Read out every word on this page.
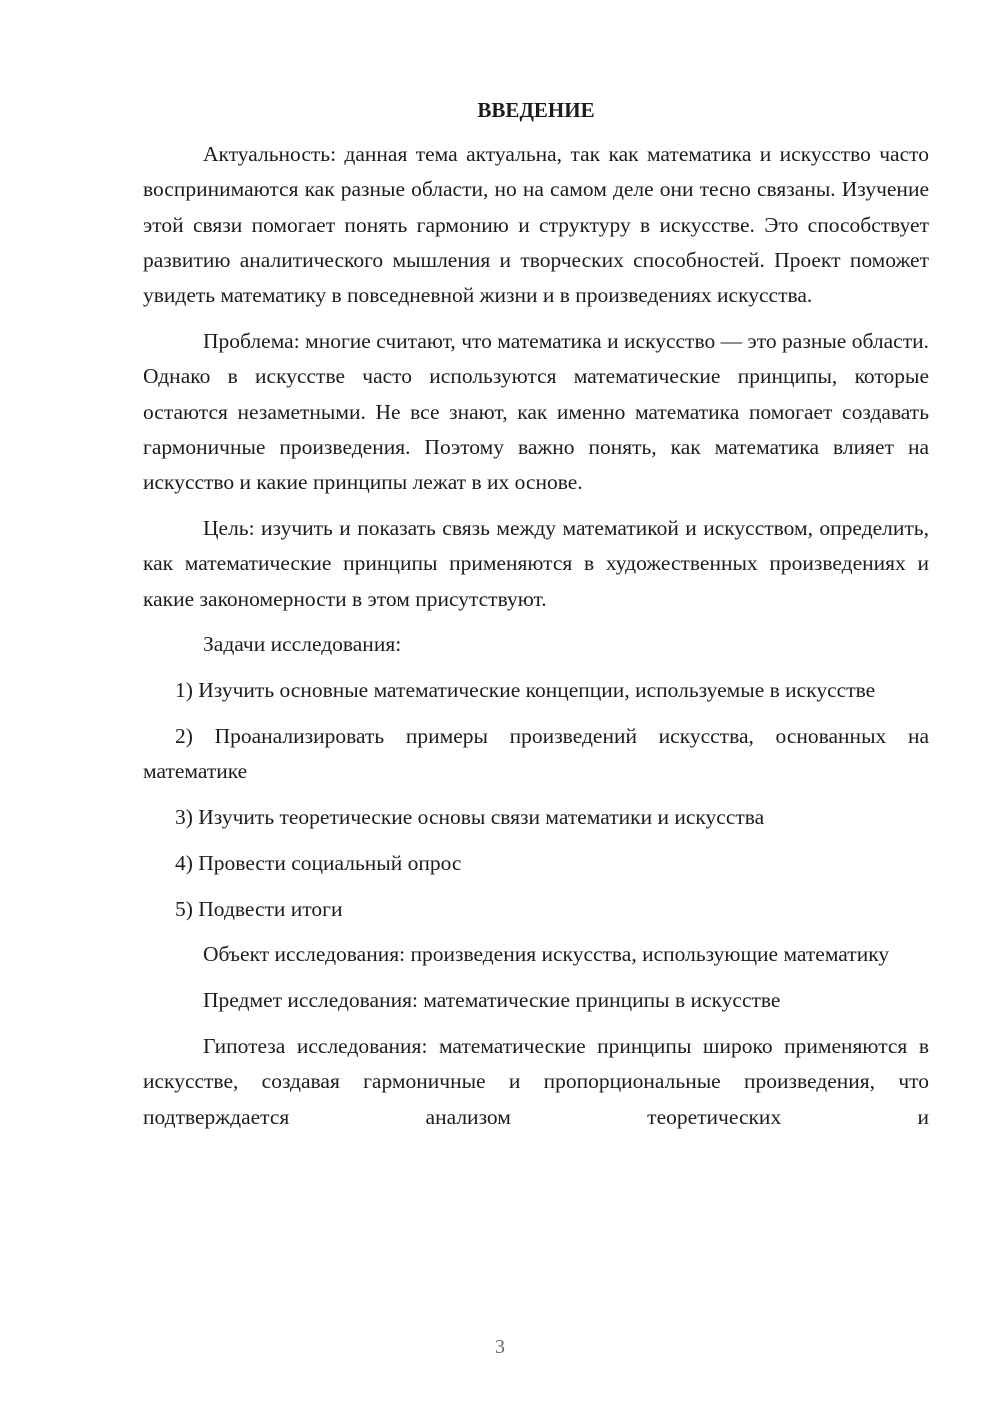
ВВЕДЕНИЕ

Актуальность: данная тема актуальна, так как математика и искусство часто воспринимаются как разные области, но на самом деле они тесно связаны. Изучение этой связи помогает понять гармонию и структуру в искусстве. Это способствует развитию аналитического мышления и творческих способностей. Проект поможет увидеть математику в повседневной жизни и в произведениях искусства.

Проблема: многие считают, что математика и искусство — это разные области. Однако в искусстве часто используются математические принципы, которые остаются незаметными. Не все знают, как именно математика помогает создавать гармоничные произведения. Поэтому важно понять, как математика влияет на искусство и какие принципы лежат в их основе.

Цель: изучить и показать связь между математикой и искусством, определить, как математические принципы применяются в художественных произведениях и какие закономерности в этом присутствуют.

Задачи исследования:

1) Изучить основные математические концепции, используемые в искусстве

2) Проанализировать примеры произведений искусства, основанных на математике

3) Изучить теоретические основы связи математики и искусства

4) Провести социальный опрос

5) Подвести итоги

Объект исследования: произведения искусства, использующие математику

Предмет исследования: математические принципы в искусстве

Гипотеза исследования: математические принципы широко применяются в искусстве, создавая гармоничные и пропорциональные произведения, что подтверждается анализом теоретических и

3
